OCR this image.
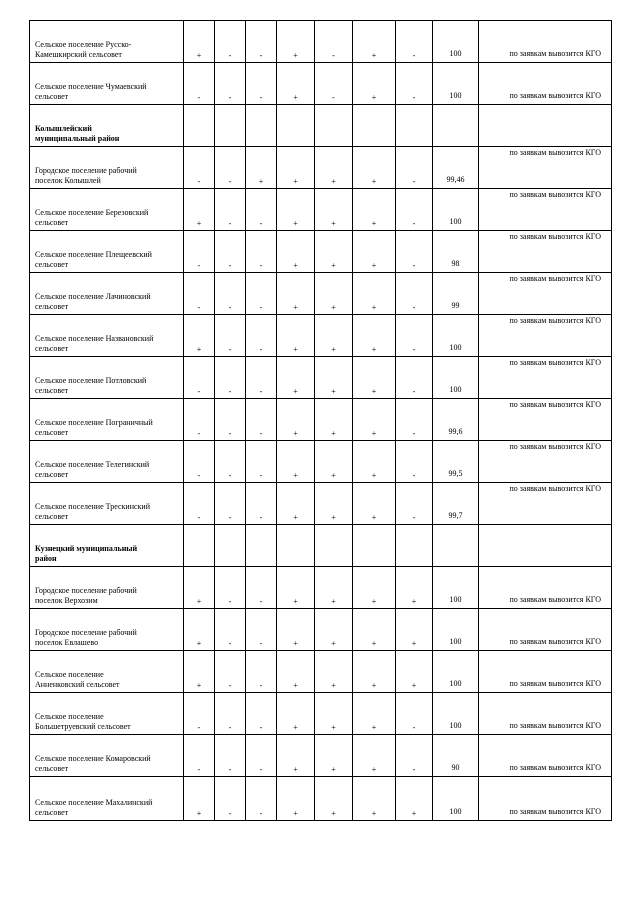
Сельское поселение Русско-
Камешкирский сельсовет	+	-	-	+	-	+	-	100	по заявкам вывозится КГО

Сельское поселение Чумаевский
сельсовет	-	-	-	+	-	+	-	100	по заявкам вывозится КГО

Колышлейский
муниципальный район									
Городское поселение рабочий
поселок Колышлей	-	-	+	+	+	+	-	99,46	по заявкам вывозится КГО

Сельское поселение Березовский
сельсовет	+	-	-	+	+	+	-	100	по заявкам вывозится КГО

Сельское поселение Плещеевский
сельсовет	-	-	-	+	+	+	-	98	по заявкам вывозится КГО

Сельское поселение Лачиновский
сельсовет	-	-	-	+	+	+	-	99	по заявкам вывозится КГО

Сельское поселение Названовский
сельсовет	+	-	-	+	+	+	-	100	по заявкам вывозится КГО

Сельское поселение Потловский
сельсовет	-	-	-	+	+	+	-	100	по заявкам вывозится КГО

Сельское поселение Пограничный
сельсовет	-	-	-	+	+	+	-	99,6	по заявкам вывозится КГО

Сельское поселение Телегинский
сельсовет	-	-	-	+	+	+	-	99,5	по заявкам вывозится КГО

Сельское поселение Трескинский
сельсовет	-	-	-	+	+	+	-	99,7	по заявкам вывозится КГО

Кузнецкий муниципальный
район									
Городское поселение рабочий
поселок Верхозим	+	-	-	+	+	+	+	100	по заявкам вывозится КГО

Городское поселение рабочий
поселок Евлашево	+	-	-	+	+	+	+	100	по заявкам вывозится КГО

Сельское поселение
Анненковский сельсовет	+	-	-	+	+	+	+	100	по заявкам вывозится КГО

Сельское поселение
Большетруевский сельсовет	-	-	-	+	+	+	-	100	по заявкам вывозится КГО

Сельское поселение Комаровский
сельсовет	-	-	-	+	+	+	-	90	по заявкам вывозится КГО

Сельское поселение Махалинский
сельсовет	+	-	-	+	+	+	+	100	по заявкам вывозится КГО
